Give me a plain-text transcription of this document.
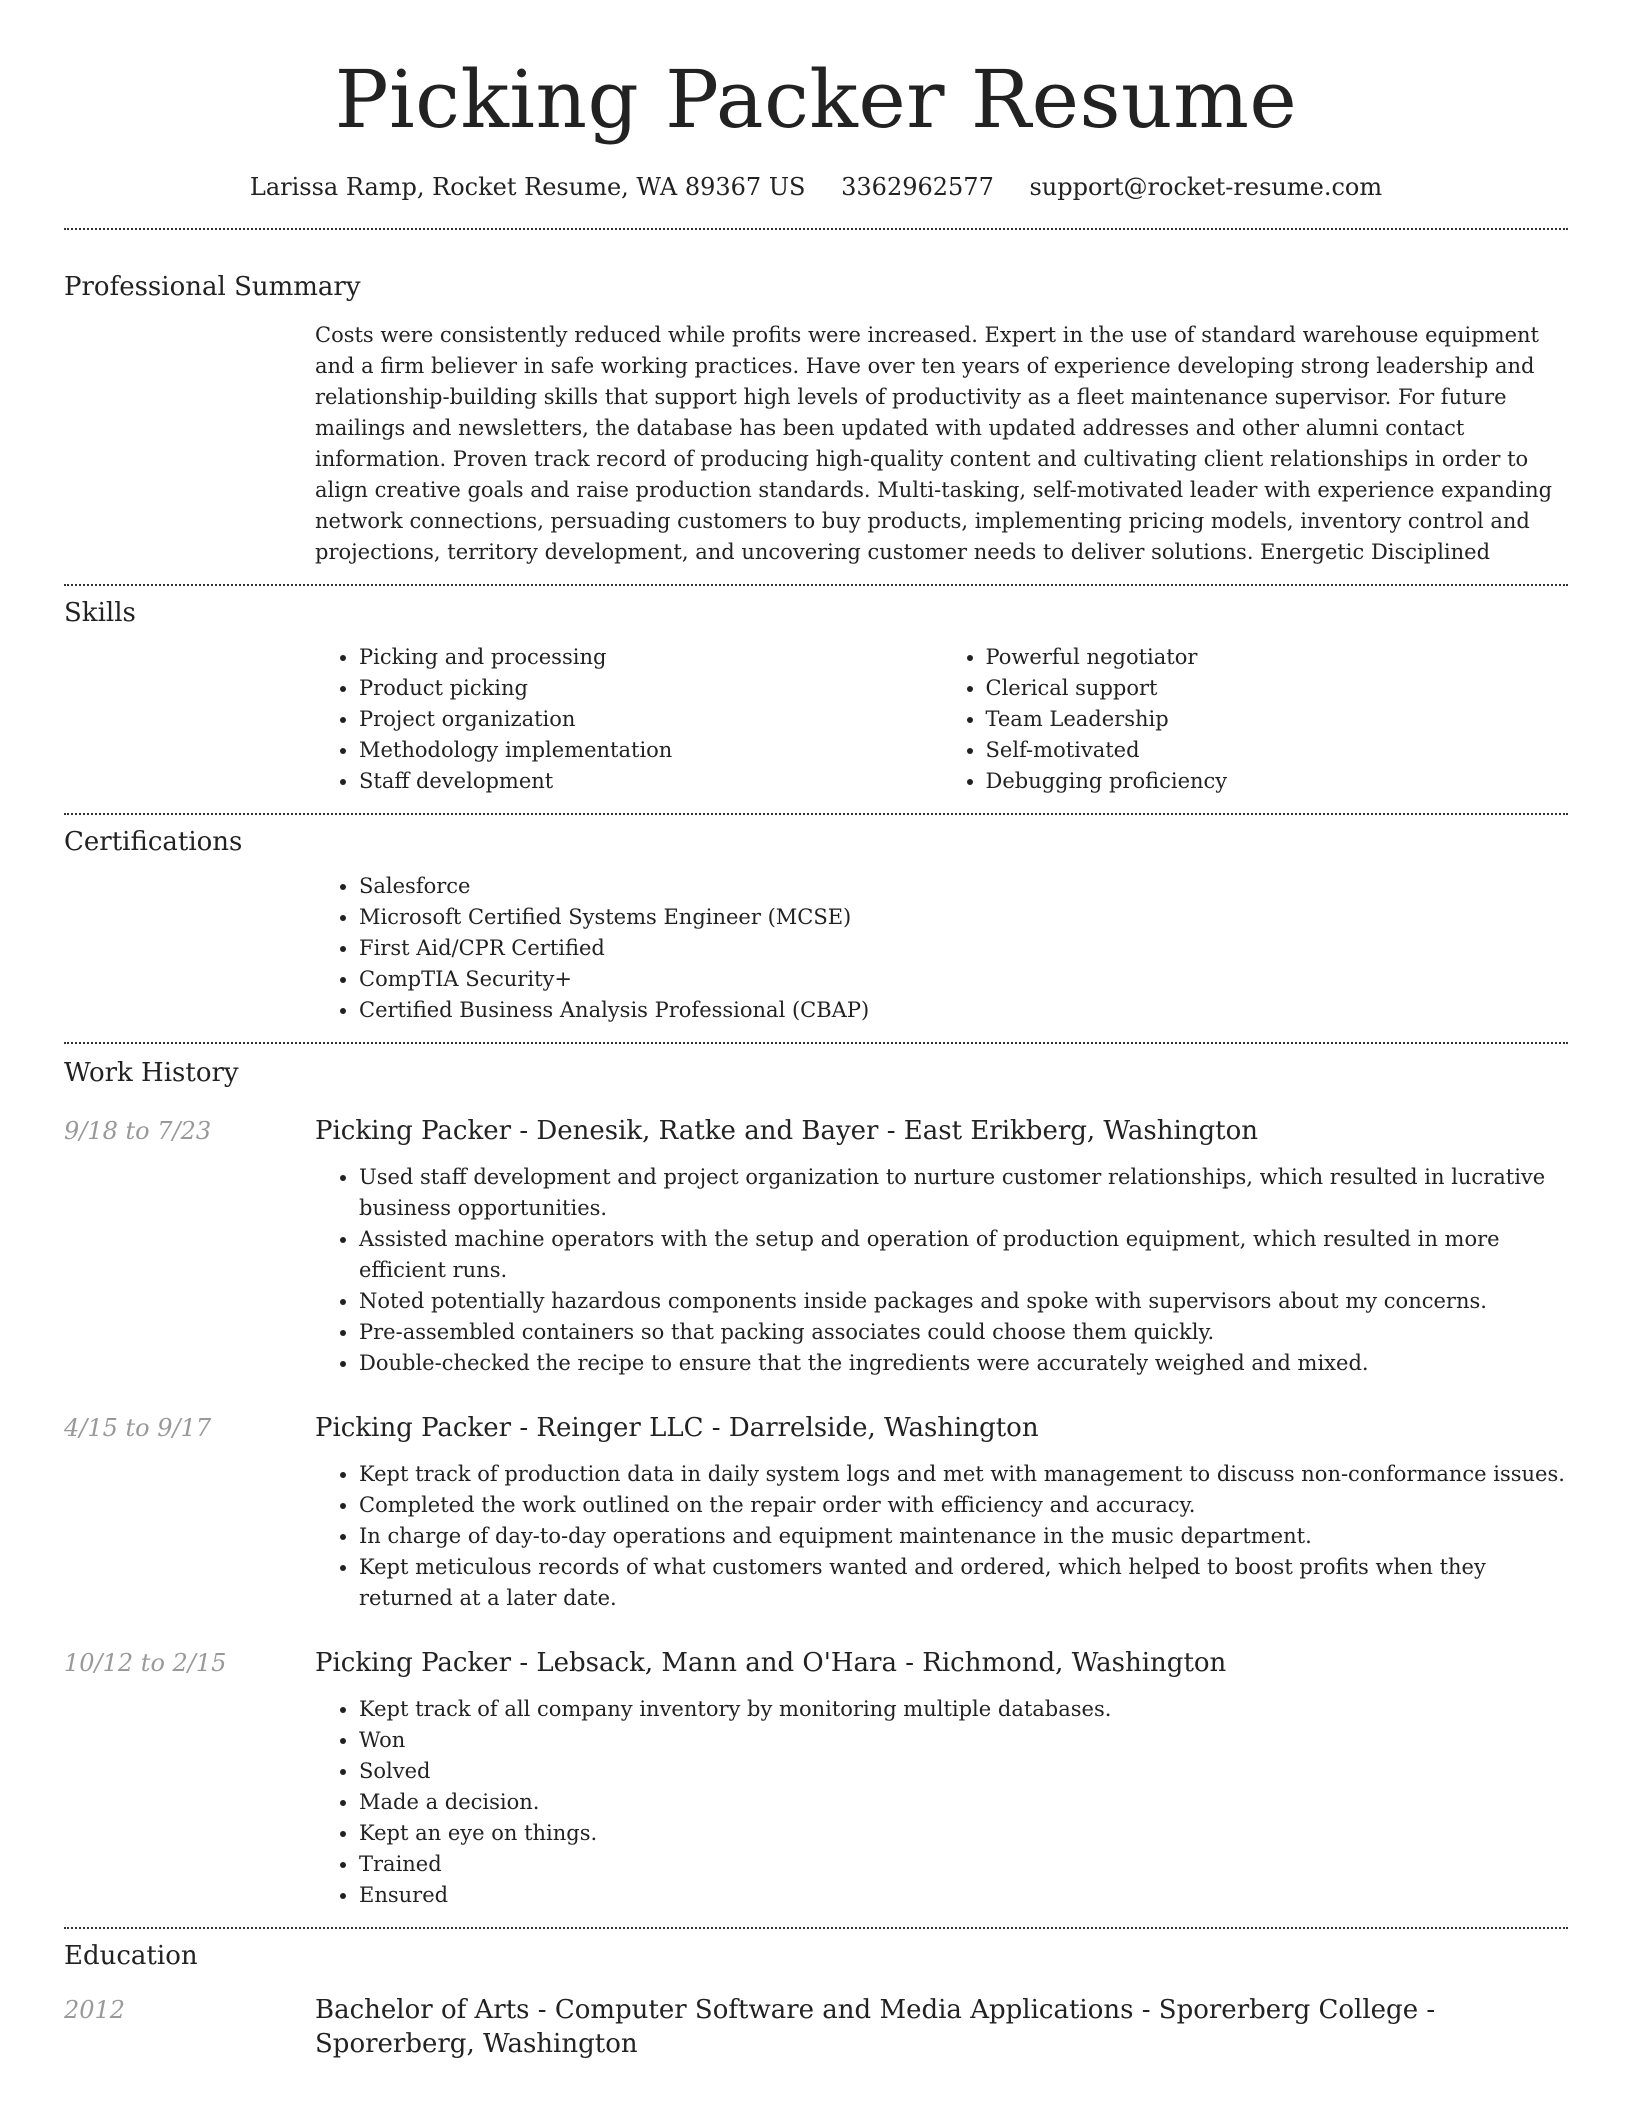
Picking Packer Resume
Larissa Ramp, Rocket Resume, WA 89367 US 3362962577 support@rocket-resume.com
Professional Summary
Costs were consistently reduced while profits were increased. Expert in the use of standard warehouse equipment and a firm believer in safe working practices. Have over ten years of experience developing strong leadership and relationship-building skills that support high levels of productivity as a fleet maintenance supervisor. For future mailings and newsletters, the database has been updated with updated addresses and other alumni contact information. Proven track record of producing high-quality content and cultivating client relationships in order to align creative goals and raise production standards. Multi-tasking, self-motivated leader with experience expanding network connections, persuading customers to buy products, implementing pricing models, inventory control and projections, territory development, and uncovering customer needs to deliver solutions. Energetic Disciplined
Skills
• Picking and processing
• Product picking
• Project organization
• Methodology implementation
• Staff development
• Powerful negotiator
• Clerical support
• Team Leadership
• Self-motivated
• Debugging proficiency
Certifications
• Salesforce
• Microsoft Certified Systems Engineer (MCSE)
• First Aid/CPR Certified
• CompTIA Security+
• Certified Business Analysis Professional (CBAP)
Work History
9/18 to 7/23	Picking Packer - Denesik, Ratke and Bayer - East Erikberg, Washington
• Used staff development and project organization to nurture customer relationships, which resulted in lucrative business opportunities.
• Assisted machine operators with the setup and operation of production equipment, which resulted in more efficient runs.
• Noted potentially hazardous components inside packages and spoke with supervisors about my concerns.
• Pre-assembled containers so that packing associates could choose them quickly.
• Double-checked the recipe to ensure that the ingredients were accurately weighed and mixed.
4/15 to 9/17	Picking Packer - Reinger LLC - Darrelside, Washington
• Kept track of production data in daily system logs and met with management to discuss non-conformance issues.
• Completed the work outlined on the repair order with efficiency and accuracy.
• In charge of day-to-day operations and equipment maintenance in the music department.
• Kept meticulous records of what customers wanted and ordered, which helped to boost profits when they returned at a later date.
10/12 to 2/15	Picking Packer - Lebsack, Mann and O'Hara - Richmond, Washington
• Kept track of all company inventory by monitoring multiple databases.
• Won
• Solved
• Made a decision.
• Kept an eye on things.
• Trained
• Ensured
Education
2012	Bachelor of Arts - Computer Software and Media Applications - Sporerberg College - Sporerberg, Washington
